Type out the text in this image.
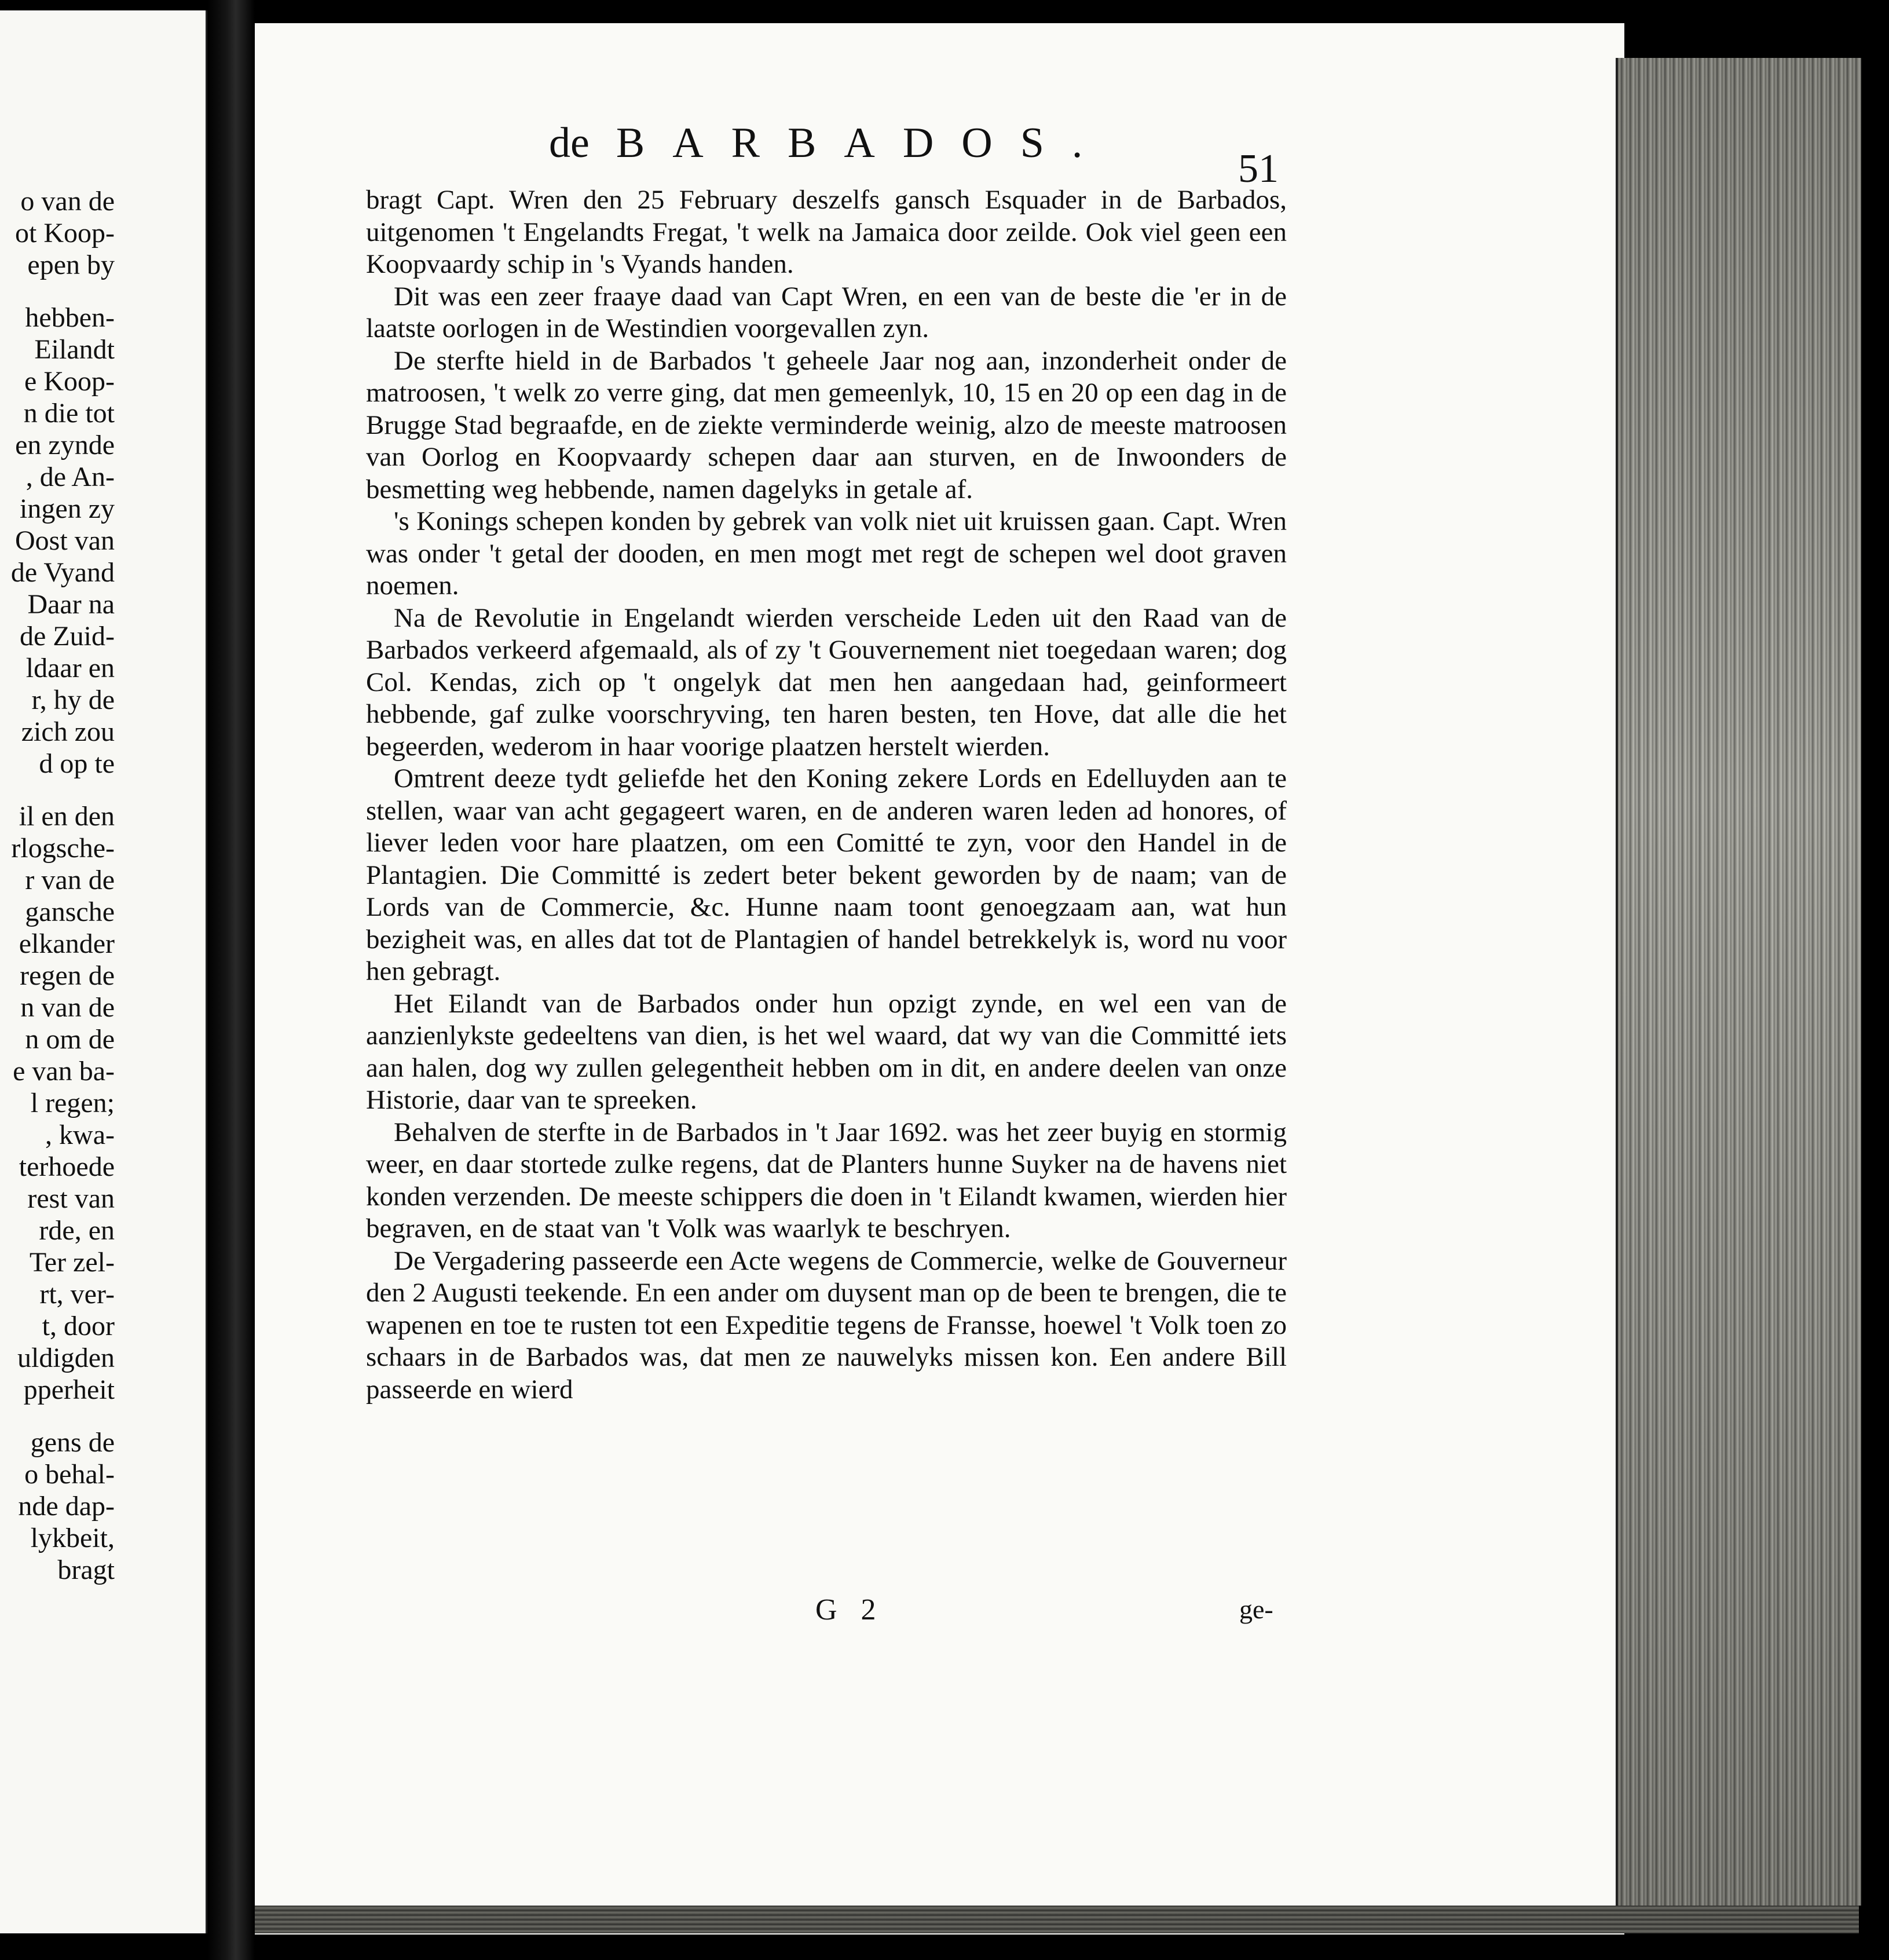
o van de
ot Koop-
epen by
hebben-
Eilandt
e Koop-
n die tot
en zynde
, de An-
ingen zy
Oost van
de Vyand
Daar na
de Zuid-
ldaar en
r, hy de
zich zou
d op te
il en den
rlogsche-
r van de
gansche
elkander
regen de
n van de
n om de
e van ba-
l regen;
, kwa-
terhoede
rest van
rde, en
Ter zel-
rt, ver-
t, door
uldigden
pperheit
gens de
o behal-
nde dap-
lykbeit,
bragt
de BARBADOS.
51

bragt Capt. Wren den 25 February deszelfs gansch Esquader in de Barbados, uitgenomen 't Engelandts Fregat, 't welk na Jamaica door zeilde. Ook viel geen een Koopvaardy schip in 's Vyands handen.

Dit was een zeer fraaye daad van Capt Wren, en een van de beste die 'er in de laatste oorlogen in de Westindien voorgevallen zyn.

De sterfte hield in de Barbados 't geheele Jaar nog aan, inzonderheit onder de matroosen, 't welk zo verre ging, dat men gemeenlyk, 10, 15 en 20 op een dag in de Brugge Stad begraafde, en de ziekte verminderde weinig, alzo de meeste matroosen van Oorlog en Koopvaardy schepen daar aan sturven, en de Inwoonders de besmetting weg hebbende, namen dagelyks in getale af.

's Konings schepen konden by gebrek van volk niet uit kruissen gaan. Capt. Wren was onder 't getal der dooden, en men mogt met regt de schepen wel doot graven noemen.

Na de Revolutie in Engelandt wierden verscheide Leden uit den Raad van de Barbados verkeerd afgemaald, als of zy 't Gouvernement niet toegedaan waren; dog Col. Kendas, zich op 't ongelyk dat men hen aangedaan had, geinformeert hebbende, gaf zulke voorschryving, ten haren besten, ten Hove, dat alle die het begeerden, wederom in haar voorige plaatzen herstelt wierden.

Omtrent deeze tydt geliefde het den Koning zekere Lords en Edelluyden aan te stellen, waar van acht gegageert waren, en de anderen waren leden ad honores, of liever leden voor hare plaatzen, om een Comitté te zyn, voor den Handel in de Plantagien. Die Committé is zedert beter bekent geworden by de naam; van de Lords van de Commercie, &c. Hunne naam toont genoegzaam aan, wat hun bezigheit was, en alles dat tot de Plantagien of handel betrekkelyk is, word nu voor hen gebragt.

Het Eilandt van de Barbados onder hun opzigt zynde, en wel een van de aanzienlykste gedeeltens van dien, is het wel waard, dat wy van die Committé iets aan halen, dog wy zullen gelegentheit hebben om in dit, en andere deelen van onze Historie, daar van te spreeken.

Behalven de sterfte in de Barbados in 't Jaar 1692. was het zeer buyig en stormig weer, en daar stortede zulke regens, dat de Planters hunne Suyker na de havens niet konden verzenden. De meeste schippers die doen in 't Eilandt kwamen, wierden hier begraven, en de staat van 't Volk was waarlyk te beschryen.

De Vergadering passeerde een Acte wegens de Commercie, welke de Gouverneur den 2 Augusti teekende. En een ander om duysent man op de been te brengen, die te wapenen en toe te rusten tot een Expeditie tegens de Fransse, hoewel 't Volk toen zo schaars in de Barbados was, dat men ze nauwelyks missen kon. Een andere Bill passeerde en wierd

G 2	ge-
